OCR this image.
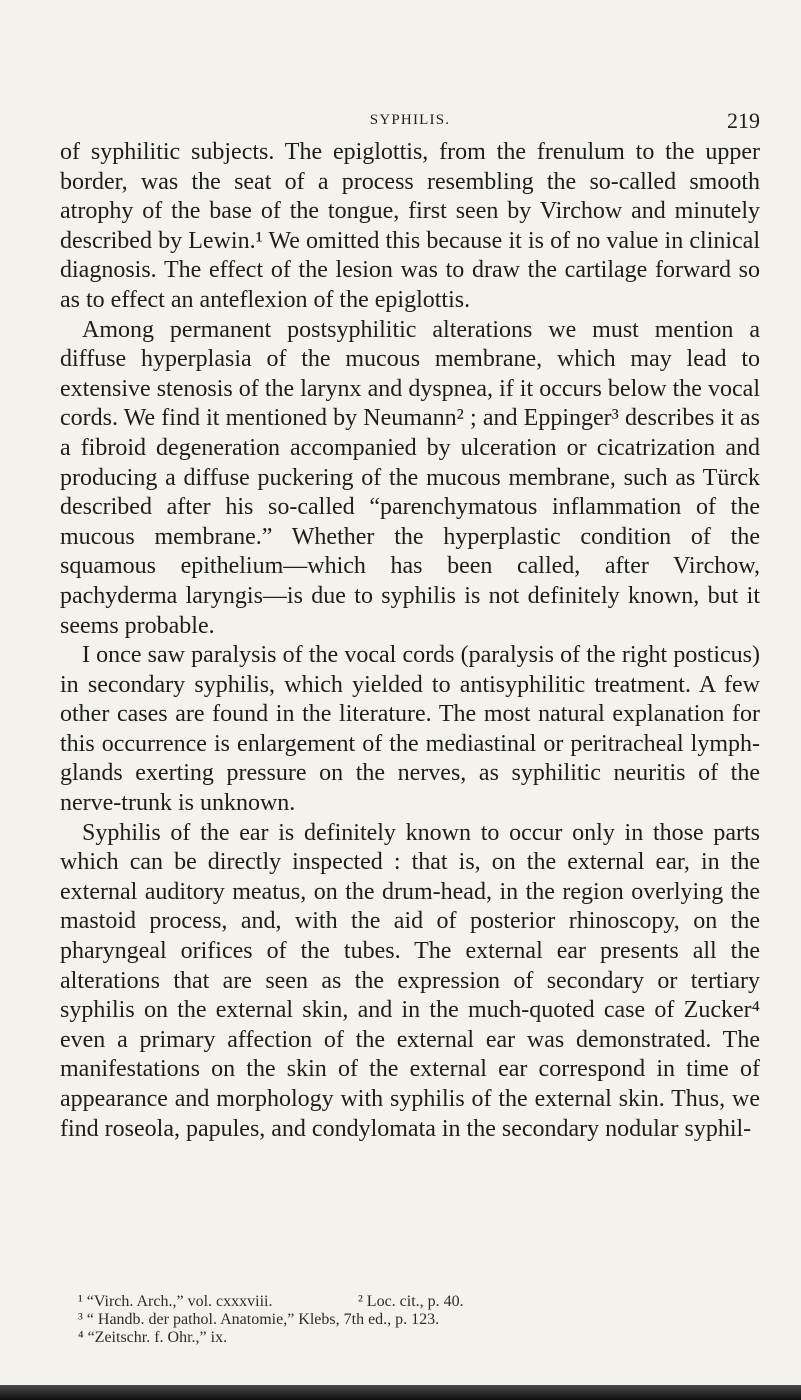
SYPHILIS.	219

of syphilitic subjects. The epiglottis, from the frenulum to the upper border, was the seat of a process resembling the so-called smooth atrophy of the base of the tongue, first seen by Virchow and minutely described by Lewin.¹ We omitted this because it is of no value in clinical diagnosis. The effect of the lesion was to draw the cartilage forward so as to effect an anteflexion of the epiglottis.

Among permanent postsyphilitic alterations we must mention a diffuse hyperplasia of the mucous membrane, which may lead to extensive stenosis of the larynx and dyspnea, if it occurs below the vocal cords. We find it mentioned by Neumann² ; and Eppinger³ describes it as a fibroid degeneration accompanied by ulceration or cicatrization and producing a diffuse puckering of the mucous membrane, such as Türck described after his so-called “parenchymatous inflammation of the mucous membrane.” Whether the hyperplastic condition of the squamous epithelium—which has been called, after Virchow, pachyderma laryngis—is due to syphilis is not definitely known, but it seems probable.

I once saw paralysis of the vocal cords (paralysis of the right posticus) in secondary syphilis, which yielded to antisyphilitic treatment. A few other cases are found in the literature. The most natural explanation for this occurrence is enlargement of the mediastinal or peritracheal lymph-glands exerting pressure on the nerves, as syphilitic neuritis of the nerve-trunk is unknown.

Syphilis of the ear is definitely known to occur only in those parts which can be directly inspected : that is, on the external ear, in the external auditory meatus, on the drum-head, in the region overlying the mastoid process, and, with the aid of posterior rhinoscopy, on the pharyngeal orifices of the tubes. The external ear presents all the alterations that are seen as the expression of secondary or tertiary syphilis on the external skin, and in the much-quoted case of Zucker⁴ even a primary affection of the external ear was demonstrated. The manifestations on the skin of the external ear correspond in time of appearance and morphology with syphilis of the external skin. Thus, we find roseola, papules, and condylomata in the secondary nodular syphil-

¹ “Virch. Arch.,” vol. cxxxviii.	² Loc. cit., p. 40.
³ “ Handb. der pathol. Anatomie,” Klebs, 7th ed., p. 123.
⁴ “Zeitschr. f. Ohr.,” ix.
